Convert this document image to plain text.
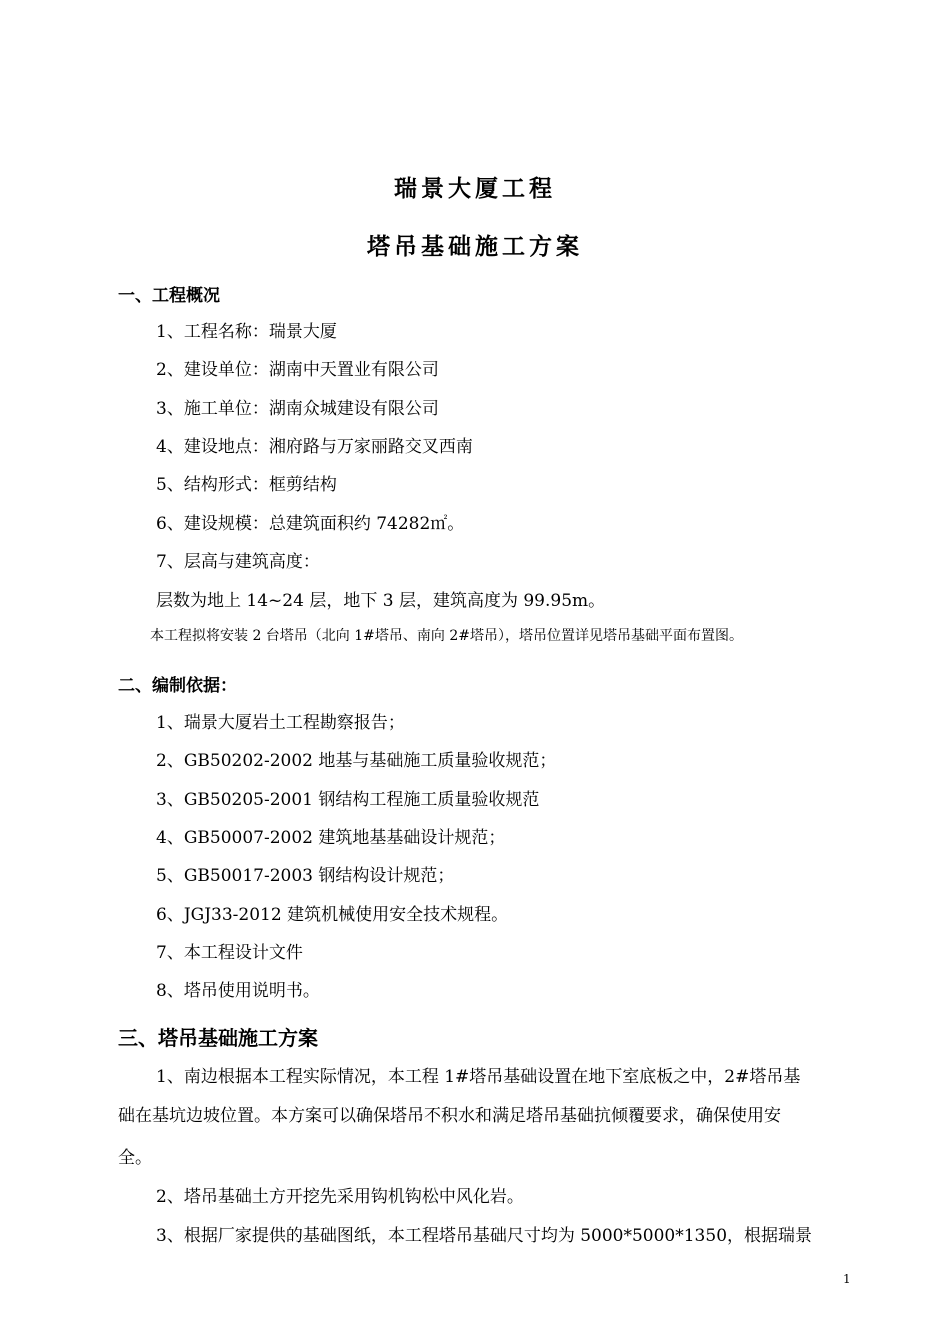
瑞景大厦工程
塔吊基础施工方案
一、工程概况
1、工程名称：瑞景大厦
2、建设单位：湖南中天置业有限公司
3、施工单位：湖南众城建设有限公司
4、建设地点：湘府路与万家丽路交叉西南
5、结构形式：框剪结构
6、建设规模：总建筑面积约 74282㎡。
7、层高与建筑高度：
层数为地上 14~24 层，地下 3 层，建筑高度为 99.95m。
本工程拟将安装 2 台塔吊（北向 1#塔吊、南向 2#塔吊），塔吊位置详见塔吊基础平面布置图。
二、编制依据：
1、瑞景大厦岩土工程勘察报告；
2、GB50202-2002 地基与基础施工质量验收规范；
3、GB50205-2001 钢结构工程施工质量验收规范
4、GB50007-2002 建筑地基基础设计规范；
5、GB50017-2003 钢结构设计规范；
6、JGJ33-2012 建筑机械使用安全技术规程。
7、本工程设计文件
8、塔吊使用说明书。
三、塔吊基础施工方案
1、南边根据本工程实际情况，本工程 1#塔吊基础设置在地下室底板之中，2#塔吊基
础在基坑边坡位置。本方案可以确保塔吊不积水和满足塔吊基础抗倾覆要求，确保使用安
全。
2、塔吊基础土方开挖先采用钩机钩松中风化岩。
3、根据厂家提供的基础图纸，本工程塔吊基础尺寸均为 5000*5000*1350，根据瑞景
1
